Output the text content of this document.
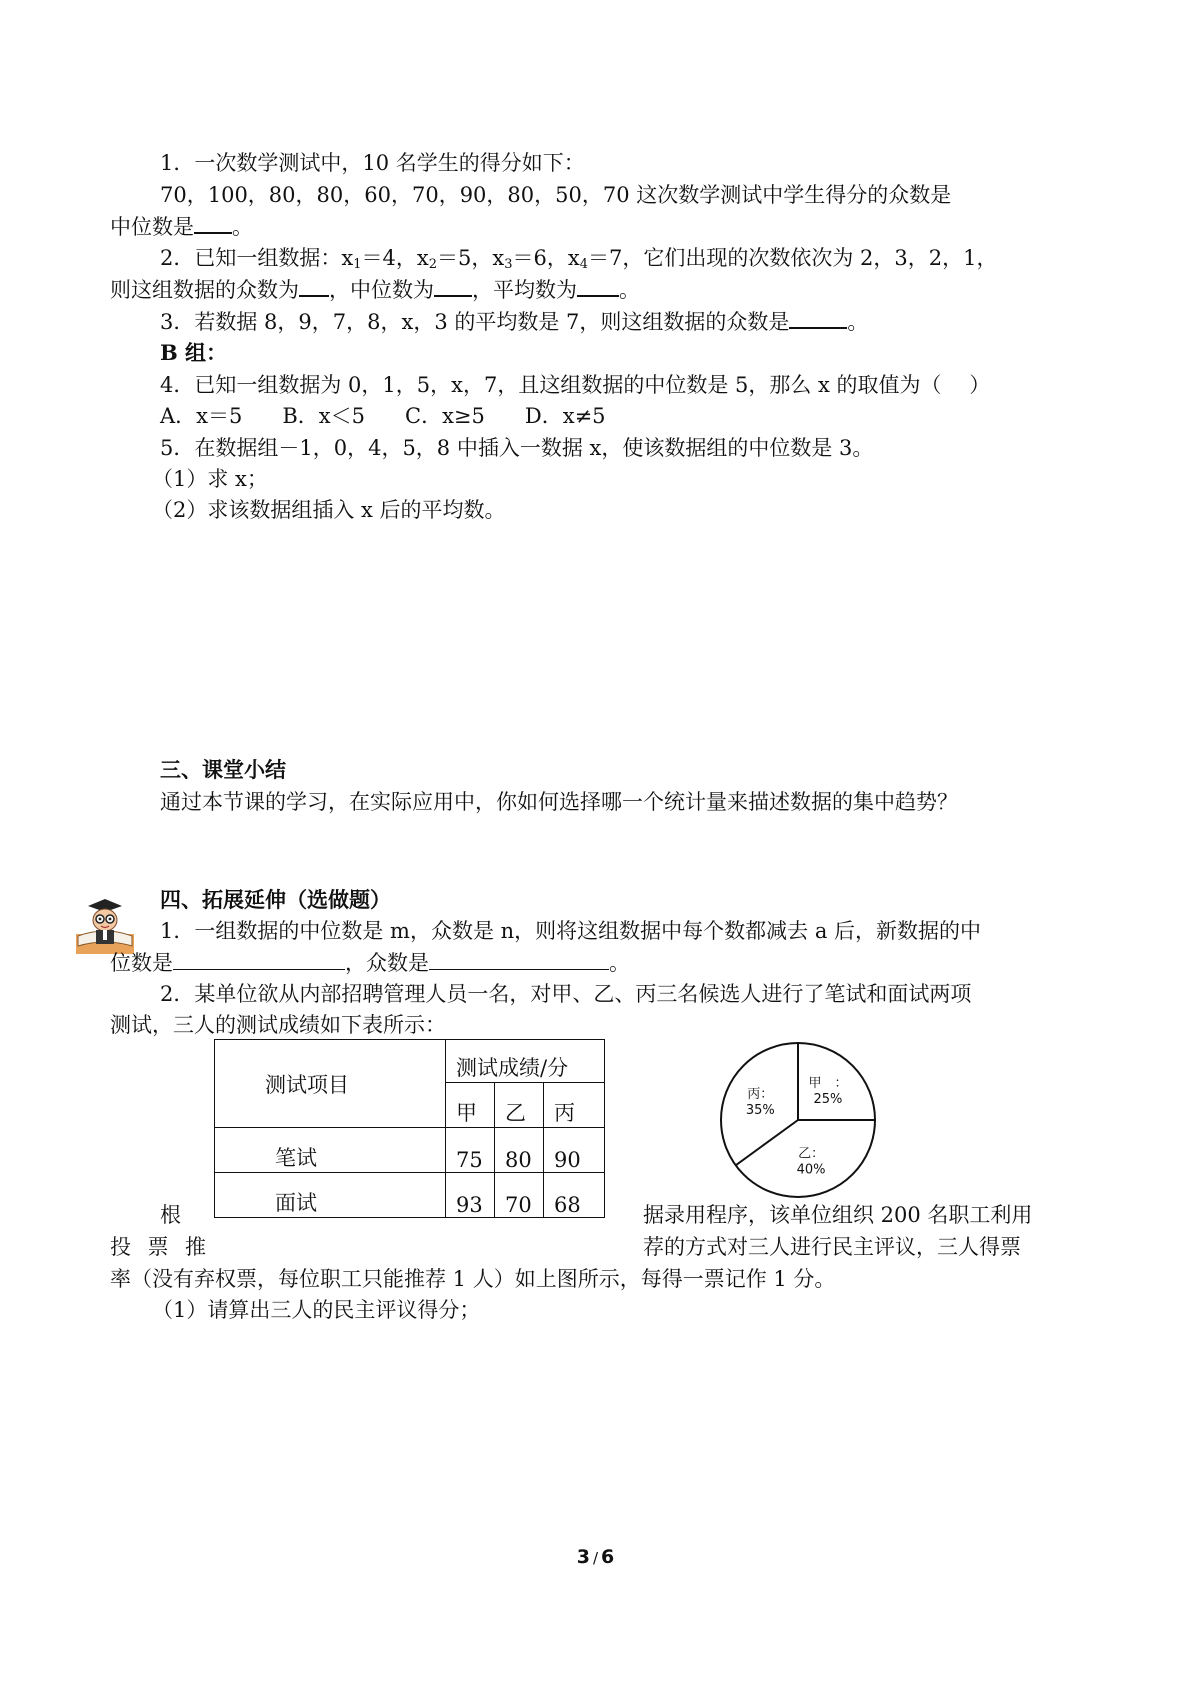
1．一次数学测试中，10 名学生的得分如下：
70，100，80，80，60，70，90，80，50，70 这次数学测试中学生得分的众数是
中位数是 。
2．已知一组数据：$x_1=4$，$x_2=5$，$x_3=6$，$x_4=7$，它们出现的次数依次为 2，3，2，1，
则这组数据的众数为 ，中位数为 ，平均数为 。
3．若数据 8，9，7，8，x，3 的平均数是 7，则这组数据的众数是	。
B 组：
4．已知一组数据为 0，1，5，x，7，且这组数据的中位数是 5，那么 x 的取值为（　 ）
A．x＝5 B．x＜5 C．x≥5 D．x≠5
5．在数据组－1，0，4，5，8 中插入一数据 x，使该数据组的中位数是 3。
（1）求 x；
（2）求该数据组插入 x 后的平均数。
三、课堂小结
通过本节课的学习，在实际应用中，你如何选择哪一个统计量来描述数据的集中趋势？
四、拓展延伸（选做题）
1．一组数据的中位数是 m，众数是 n，则将这组数据中每个数都减去 a 后，新数据的中
位数是	，众数是	。
2．某单位欲从内部招聘管理人员一名，对甲、乙、丙三名候选人进行了笔试和面试两项
测试，三人的测试成绩如下表所示：
测试项目	测试成绩/分		
	甲	乙	丙
笔试	75	80	90
面试	93	70	68
甲　：
25%
乙：
40%
丙：
35%
根	据录用程序，该单位组织 200 名职工利用
投 票 推	荐的方式对三人进行民主评议，三人得票
率（没有弃权票，每位职工只能推荐 1 人）如上图所示，每得一票记作 1 分。
（1）请算出三人的民主评议得分；
3 / 6
